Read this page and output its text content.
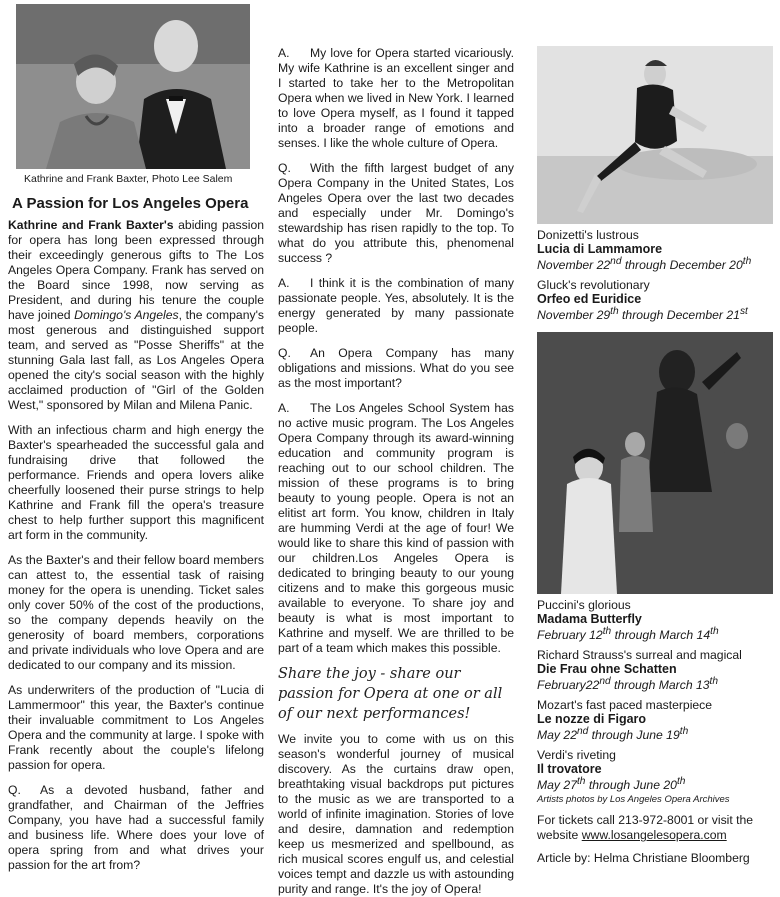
Kathrine and Frank Baxter, Photo Lee Salem
A Passion for Los Angeles Opera

Kathrine and Frank Baxter's abiding passion for opera has long been expressed through their exceedingly generous gifts to The Los Angeles Opera Company. Frank has served on the Board since 1998, now serving as President, and during his tenure the couple have joined Domingo's Angeles, the company's most generous and distinguished support team, and served as "Posse Sheriffs" at the stunning Gala last fall, as Los Angeles Opera opened the city's social season with the highly acclaimed production of "Girl of the Golden West," sponsored by Milan and Milena Panic.

With an infectious charm and high energy the Baxter's spearheaded the successful gala and fundraising drive that followed the performance. Friends and opera lovers alike cheerfully loosened their purse strings to help Kathrine and Frank fill the opera's treasure chest to help further support this magnificent art form in the community.

As the Baxter's and their fellow board members can attest to, the essential task of raising money for the opera is unending. Ticket sales only cover 50% of the cost of the productions, so the company depends heavily on the generosity of board members, corporations and private individuals who love Opera and are dedicated to our company and its mission.

As underwriters of the production of "Lucia di Lammermoor" this year, the Baxter's continue their invaluable commitment to Los Angeles Opera and the community at large. I spoke with Frank recently about the couple's lifelong passion for opera.

Q. As a devoted husband, father and grandfather, and Chairman of the Jeffries Company, you have had a successful family and business life. Where does your love of opera spring from and what drives your passion for the art from?

A. My love for Opera started vicariously. My wife Kathrine is an excellent singer and I started to take her to the Metropolitan Opera when we lived in New York. I learned to love Opera myself, as I found it tapped into a broader range of emotions and senses. I like the whole culture of Opera.

Q. With the fifth largest budget of any Opera Company in the United States, Los Angeles Opera over the last two decades and especially under Mr. Domingo's stewardship has risen rapidly to the top. To what do you attribute this, phenomenal success ?

A. I think it is the combination of many passionate people. Yes, absolutely. It is the energy generated by many passionate people.

Q. An Opera Company has many obligations and missions. What do you see as the most important?

A. The Los Angeles School System has no active music program. The Los Angeles Opera Company through its award-winning education and community program is reaching out to our school children. The mission of these programs is to bring beauty to young people. Opera is not an elitist art form. You know, children in Italy are humming Verdi at the age of four! We would like to share this kind of passion with our children.Los Angeles Opera is dedicated to bringing beauty to our young citizens and to make this gorgeous music available to everyone. To share joy and beauty is what is most important to Kathrine and myself. We are thrilled to be part of a team which makes this possible.

Share the joy - share our passion for Opera at one or all of our next performances!

We invite you to come with us on this season's wonderful journey of musical discovery. As the curtains draw open, breathtaking visual backdrops put pictures to the music as we are transported to a world of infinite imagination. Stories of love and desire, damnation and redemption keep us mesmerized and spellbound, as rich musical scores engulf us, and celestial voices tempt and dazzle us with astounding purity and range. It's the joy of Opera!

Donizetti's lustrous
Lucia di Lammamore
November 22nd through December 20th
Gluck's revolutionary
Orfeo ed Euridice
November 29th through December 21st
Puccini's glorious
Madama Butterfly
February 12th through March 14th
Richard Strauss's surreal and magical
Die Frau ohne Schatten
February22nd through March 13th
Mozart's fast paced masterpiece
Le nozze di Figaro
May 22nd through June 19th
Verdi's riveting
Il trovatore
May 27th through June 20th
Artists photos by Los Angeles Opera Archives

For tickets call 213-972-8001 or visit the website www.losangelesopera.com

Article by: Helma Christiane Bloomberg
